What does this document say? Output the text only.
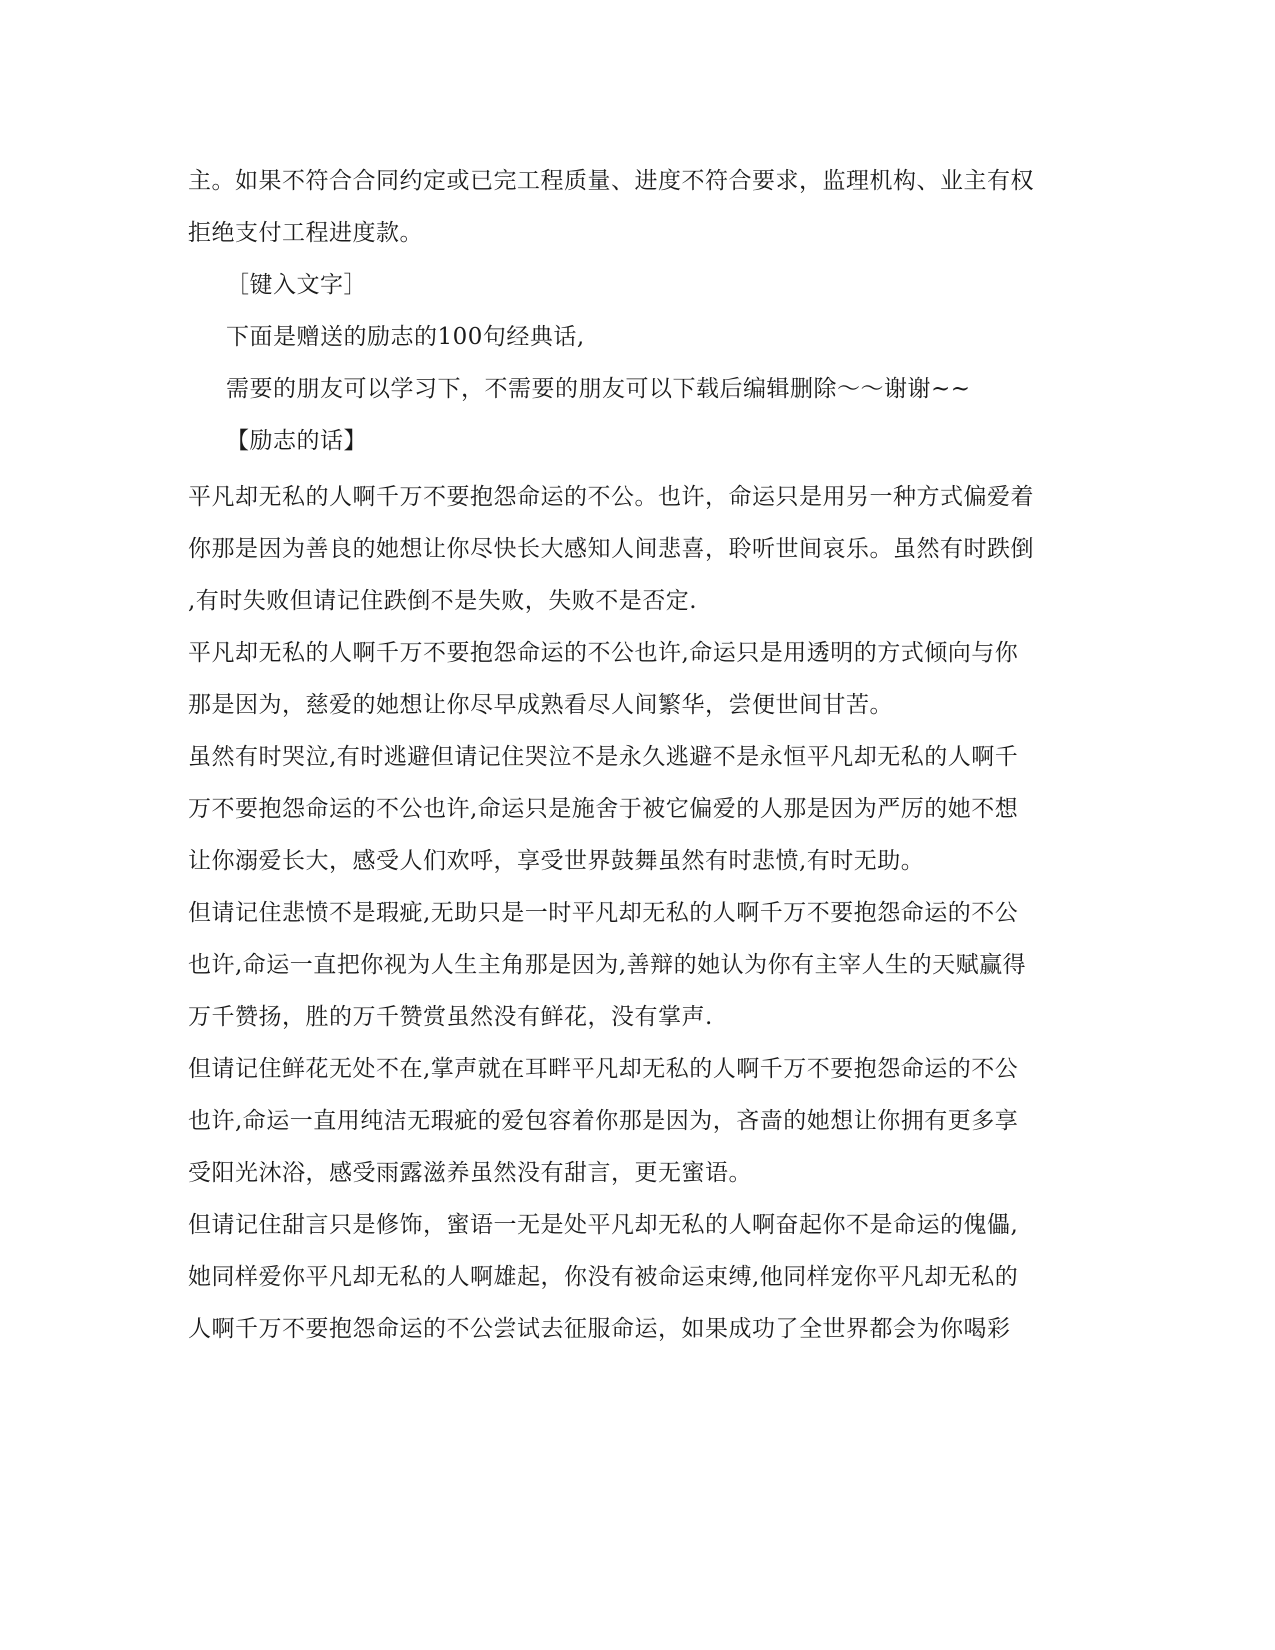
主。如果不符合合同约定或已完工程质量、进度不符合要求，监理机构、业主有权
拒绝支付工程进度款。
［键入文字］
下面是赠送的励志的100句经典话,
需要的朋友可以学习下，不需要的朋友可以下载后编辑删除～～谢谢~~
【励志的话】
平凡却无私的人啊千万不要抱怨命运的不公。也许，命运只是用另一种方式偏爱着
你那是因为善良的她想让你尽快长大感知人间悲喜，聆听世间哀乐。虽然有时跌倒
,有时失败但请记住跌倒不是失败，失败不是否定.
平凡却无私的人啊千万不要抱怨命运的不公也许,命运只是用透明的方式倾向与你
那是因为，慈爱的她想让你尽早成熟看尽人间繁华，尝便世间甘苦。
虽然有时哭泣,有时逃避但请记住哭泣不是永久逃避不是永恒平凡却无私的人啊千
万不要抱怨命运的不公也许,命运只是施舍于被它偏爱的人那是因为严厉的她不想
让你溺爱长大，感受人们欢呼，享受世界鼓舞虽然有时悲愤,有时无助。
但请记住悲愤不是瑕疵,无助只是一时平凡却无私的人啊千万不要抱怨命运的不公
也许,命运一直把你视为人生主角那是因为,善辩的她认为你有主宰人生的天赋赢得
万千赞扬，胜的万千赞赏虽然没有鲜花，没有掌声.
但请记住鲜花无处不在,掌声就在耳畔平凡却无私的人啊千万不要抱怨命运的不公
也许,命运一直用纯洁无瑕疵的爱包容着你那是因为，吝啬的她想让你拥有更多享
受阳光沐浴，感受雨露滋养虽然没有甜言，更无蜜语。
但请记住甜言只是修饰，蜜语一无是处平凡却无私的人啊奋起你不是命运的傀儡,
她同样爱你平凡却无私的人啊雄起，你没有被命运束缚,他同样宠你平凡却无私的
人啊千万不要抱怨命运的不公尝试去征服命运，如果成功了全世界都会为你喝彩
